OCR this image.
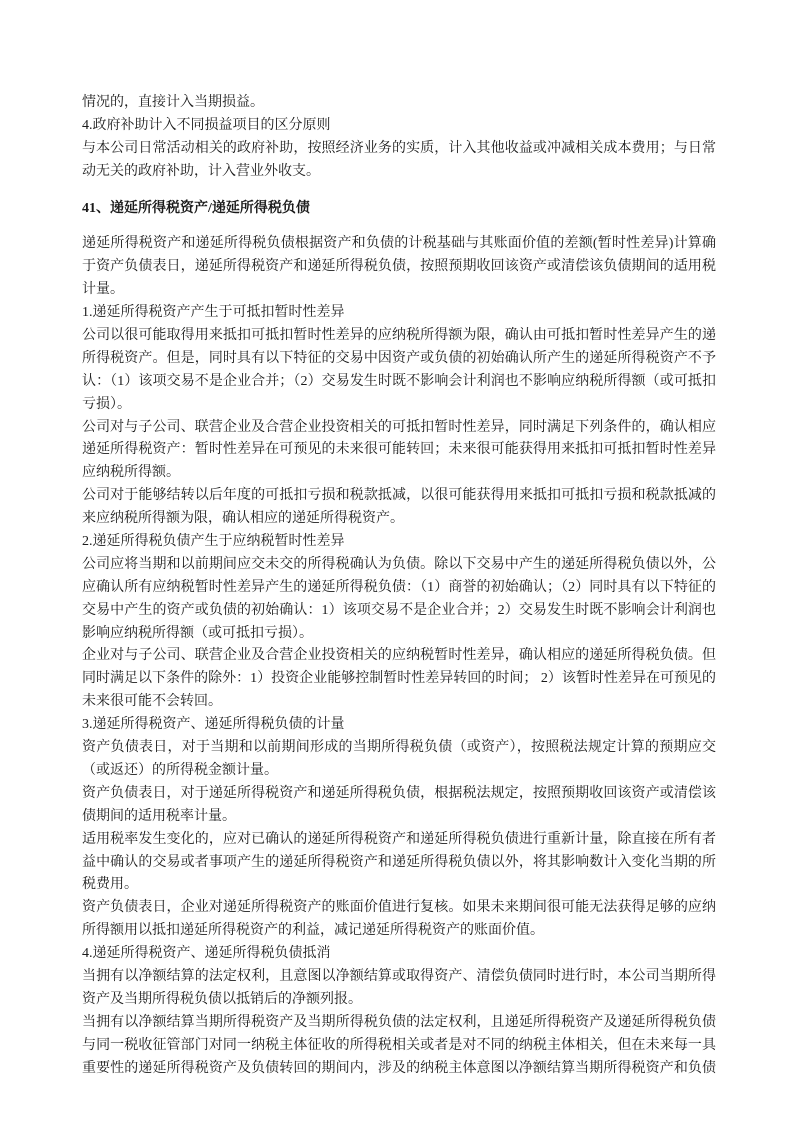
情况的，直接计入当期损益。
4.政府补助计入不同损益项目的区分原则
与本公司日常活动相关的政府补助，按照经济业务的实质，计入其他收益或冲减相关成本费用；与日常
动无关的政府补助，计入营业外收支。
41、递延所得税资产/递延所得税负债
递延所得税资产和递延所得税负债根据资产和负债的计税基础与其账面价值的差额(暂时性差异)计算确
于资产负债表日，递延所得税资产和递延所得税负债，按照预期收回该资产或清偿该负债期间的适用税
计量。
1.递延所得税资产产生于可抵扣暂时性差异
公司以很可能取得用来抵扣可抵扣暂时性差异的应纳税所得额为限，确认由可抵扣暂时性差异产生的递
所得税资产。但是，同时具有以下特征的交易中因资产或负债的初始确认所产生的递延所得税资产不予
认：（1）该项交易不是企业合并；（2）交易发生时既不影响会计利润也不影响应纳税所得额（或可抵扣
亏损）。
公司对与子公司、联营企业及合营企业投资相关的可抵扣暂时性差异，同时满足下列条件的，确认相应
递延所得税资产：暂时性差异在可预见的未来很可能转回；未来很可能获得用来抵扣可抵扣暂时性差异
应纳税所得额。
公司对于能够结转以后年度的可抵扣亏损和税款抵减，以很可能获得用来抵扣可抵扣亏损和税款抵减的
来应纳税所得额为限，确认相应的递延所得税资产。
2.递延所得税负债产生于应纳税暂时性差异
公司应将当期和以前期间应交未交的所得税确认为负债。除以下交易中产生的递延所得税负债以外，公
应确认所有应纳税暂时性差异产生的递延所得税负债：（1）商誉的初始确认；（2）同时具有以下特征的
交易中产生的资产或负债的初始确认：1）该项交易不是企业合并；2）交易发生时既不影响会计利润也
影响应纳税所得额（或可抵扣亏损）。
企业对与子公司、联营企业及合营企业投资相关的应纳税暂时性差异，确认相应的递延所得税负债。但
同时满足以下条件的除外：1）投资企业能够控制暂时性差异转回的时间； 2）该暂时性差异在可预见的
未来很可能不会转回。
3.递延所得税资产、递延所得税负债的计量
资产负债表日，对于当期和以前期间形成的当期所得税负债（或资产），按照税法规定计算的预期应交
（或返还）的所得税金额计量。
资产负债表日，对于递延所得税资产和递延所得税负债，根据税法规定，按照预期收回该资产或清偿该
债期间的适用税率计量。
适用税率发生变化的，应对已确认的递延所得税资产和递延所得税负债进行重新计量，除直接在所有者
益中确认的交易或者事项产生的递延所得税资产和递延所得税负债以外，将其影响数计入变化当期的所
税费用。
资产负债表日，企业对递延所得税资产的账面价值进行复核。如果未来期间很可能无法获得足够的应纳
所得额用以抵扣递延所得税资产的利益，减记递延所得税资产的账面价值。
4.递延所得税资产、递延所得税负债抵消
当拥有以净额结算的法定权利，且意图以净额结算或取得资产、清偿负债同时进行时，本公司当期所得
资产及当期所得税负债以抵销后的净额列报。
当拥有以净额结算当期所得税资产及当期所得税负债的法定权利，且递延所得税资产及递延所得税负债
与同一税收征管部门对同一纳税主体征收的所得税相关或者是对不同的纳税主体相关，但在未来每一具
重要性的递延所得税资产及负债转回的期间内，涉及的纳税主体意图以净额结算当期所得税资产和负债
